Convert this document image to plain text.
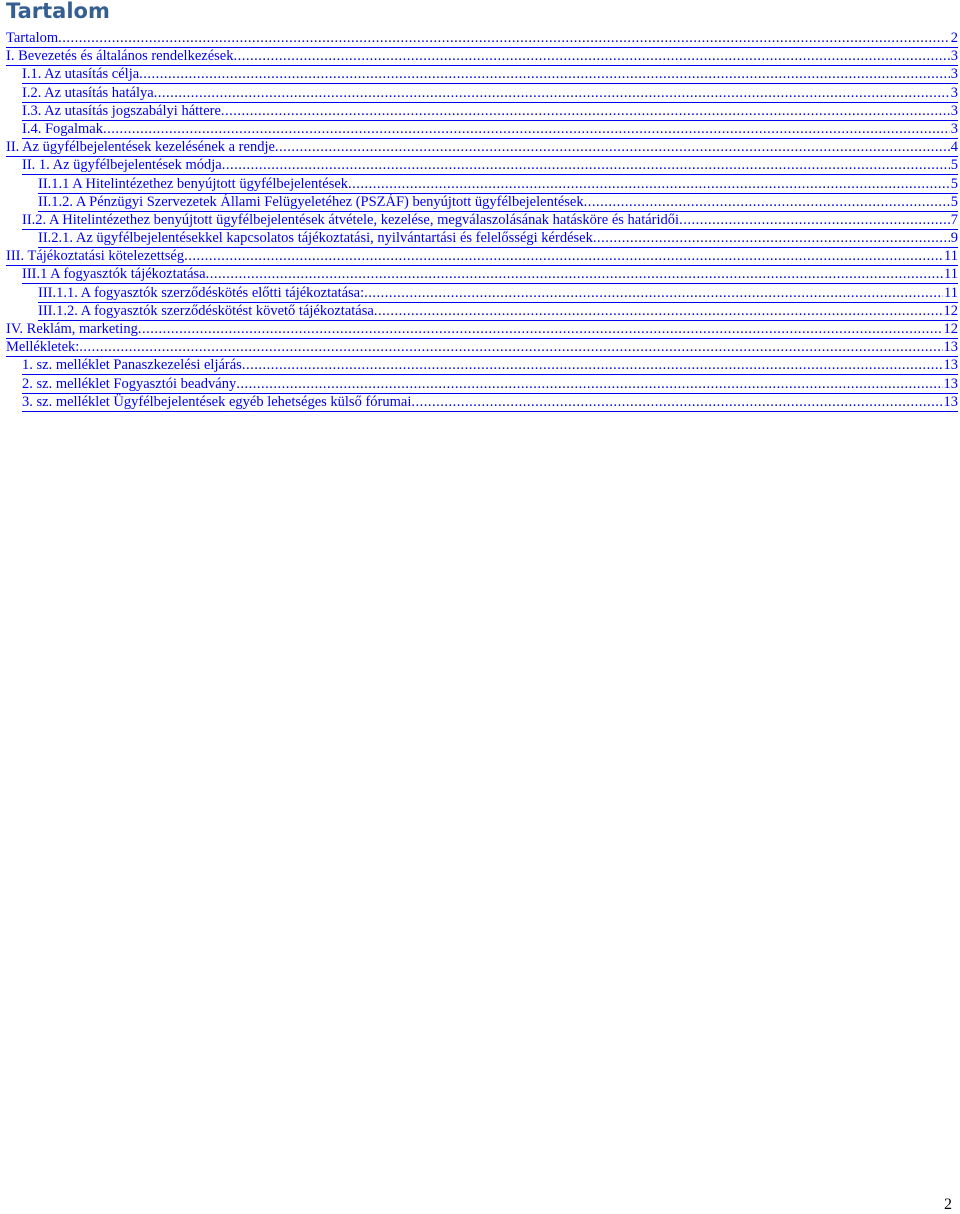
Tartalom
Tartalom .....	2
I. Bevezetés és általános rendelkezések .....	3
I.1. Az utasítás célja .....	3
I.2. Az utasítás hatálya .....	3
I.3. Az utasítás jogszabályi háttere .....	3
I.4. Fogalmak .....	3
II. Az ügyfélbejelentések kezelésének a rendje .....	4
II. 1. Az ügyfélbejelentések módja .....	5
II.1.1 A Hitelintézethez benyújtott ügyfélbejelentések .....	5
II.1.2. A Pénzügyi Szervezetek Állami Felügyeletéhez (PSZÁF) benyújtott ügyfélbejelentések .....	5
II.2. A Hitelintézethez benyújtott ügyfélbejelentések átvétele, kezelése, megválaszolásának hatásköre és határidői .....	7
II.2.1. Az ügyfélbejelentésekkel kapcsolatos tájékoztatási, nyilvántartási és felelősségi kérdések .....	9
III. Tájékoztatási kötelezettség .....	11
III.1 A fogyasztók tájékoztatása .....	11
III.1.1. A fogyasztók szerződéskötés előtti tájékoztatása: .....	11
III.1.2. A fogyasztók szerződéskötést követő tájékoztatása .....	12
IV. Reklám, marketing .....	12
Mellékletek: .....	13
1. sz. melléklet Panaszkezelési eljárás .....	13
2. sz. melléklet Fogyasztói beadvány .....	13
3. sz. melléklet Ügyfélbejelentések egyéb lehetséges külső fórumai .....	13
2
